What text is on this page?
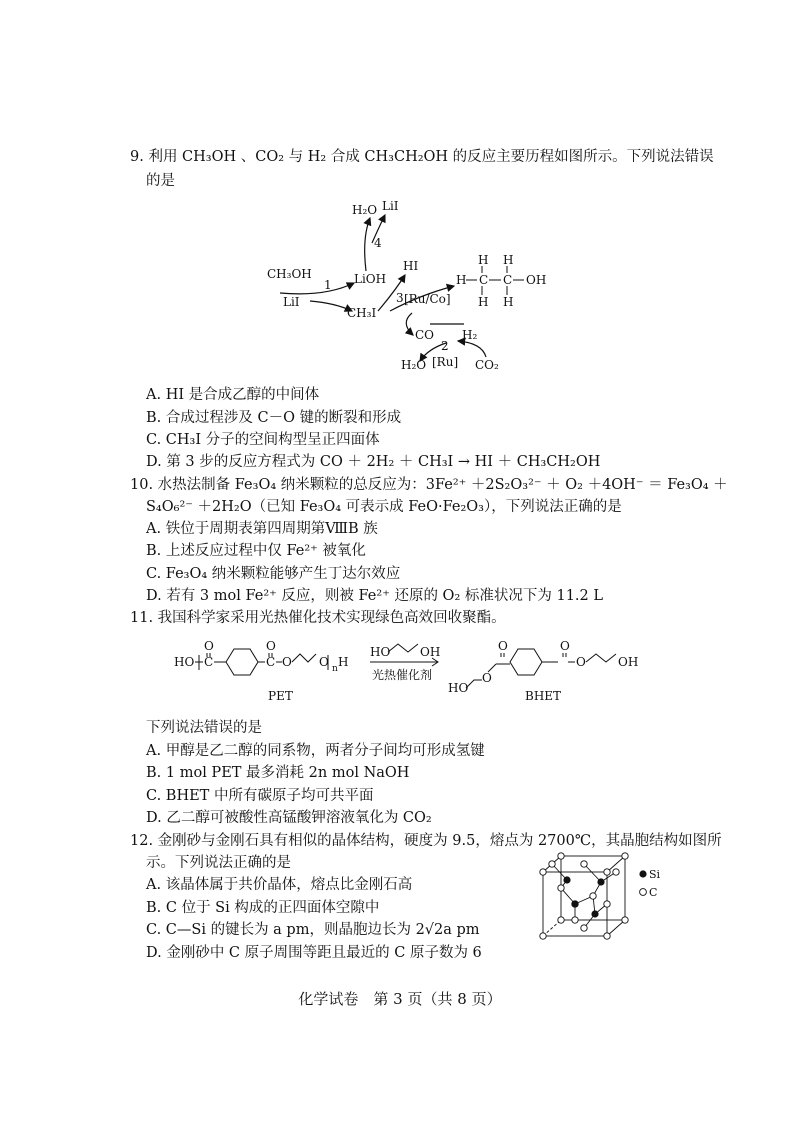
9. 利用 CH₃OH 、CO₂ 与 H₂ 合成 CH₃CH₂OH 的反应主要历程如图所示。下列说法错误
的是
H₂O LiI
4
CH₃OH	LiOH
HI
LiI
1
CH₃I
3 [Ru/Co]
CO H₂
2
[Ru]
H₂O	CO₂
H H
H C C OH
H H
A. HI 是合成乙醇的中间体
B. 合成过程涉及 C－O 键的断裂和形成
C. CH₃I 分子的空间构型呈正四面体
D. 第 3 步的反应方程式为 CO ＋ 2H₂ ＋ CH₃I → HI ＋ CH₃CH₂OH
10. 水热法制备 Fe₃O₄ 纳米颗粒的总反应为：3Fe²⁺ ＋2S₂O₃²⁻ ＋ O₂ ＋4OH⁻ ＝ Fe₃O₄ ＋
S₄O₆²⁻ ＋2H₂O（已知 Fe₃O₄ 可表示成 FeO·Fe₂O₃），下列说法正确的是
A. 铁位于周期表第四周期第ⅧB 族
B. 上述反应过程中仅 Fe²⁺ 被氧化
C. Fe₃O₄ 纳米颗粒能够产生丁达尔效应
D. 若有 3 mol Fe²⁺ 反应，则被 Fe²⁺ 还原的 O₂ 标准状况下为 11.2 L
11. 我国科学家采用光热催化技术实现绿色高效回收聚酯。
HO
O
C
O
C O O n H
PET
HO OH
光热催化剂
O	O
O	OH
O
HO
BHET
下列说法错误的是
A. 甲醇是乙二醇的同系物，两者分子间均可形成氢键
B. 1 mol PET 最多消耗 2n mol NaOH
C. BHET 中所有碳原子均可共平面
D. 乙二醇可被酸性高锰酸钾溶液氧化为 CO₂
12. 金刚砂与金刚石具有相似的晶体结构，硬度为 9.5，熔点为 2700℃，其晶胞结构如图所
示。下列说法正确的是
A. 该晶体属于共价晶体，熔点比金刚石高
B. C 位于 Si 构成的正四面体空隙中
C. C—Si 的键长为 a pm，则晶胞边长为 2√2a pm
D. 金刚砂中 C 原子周围等距且最近的 C 原子数为 6
Si
C
化学试卷　第 3 页（共 8 页）
